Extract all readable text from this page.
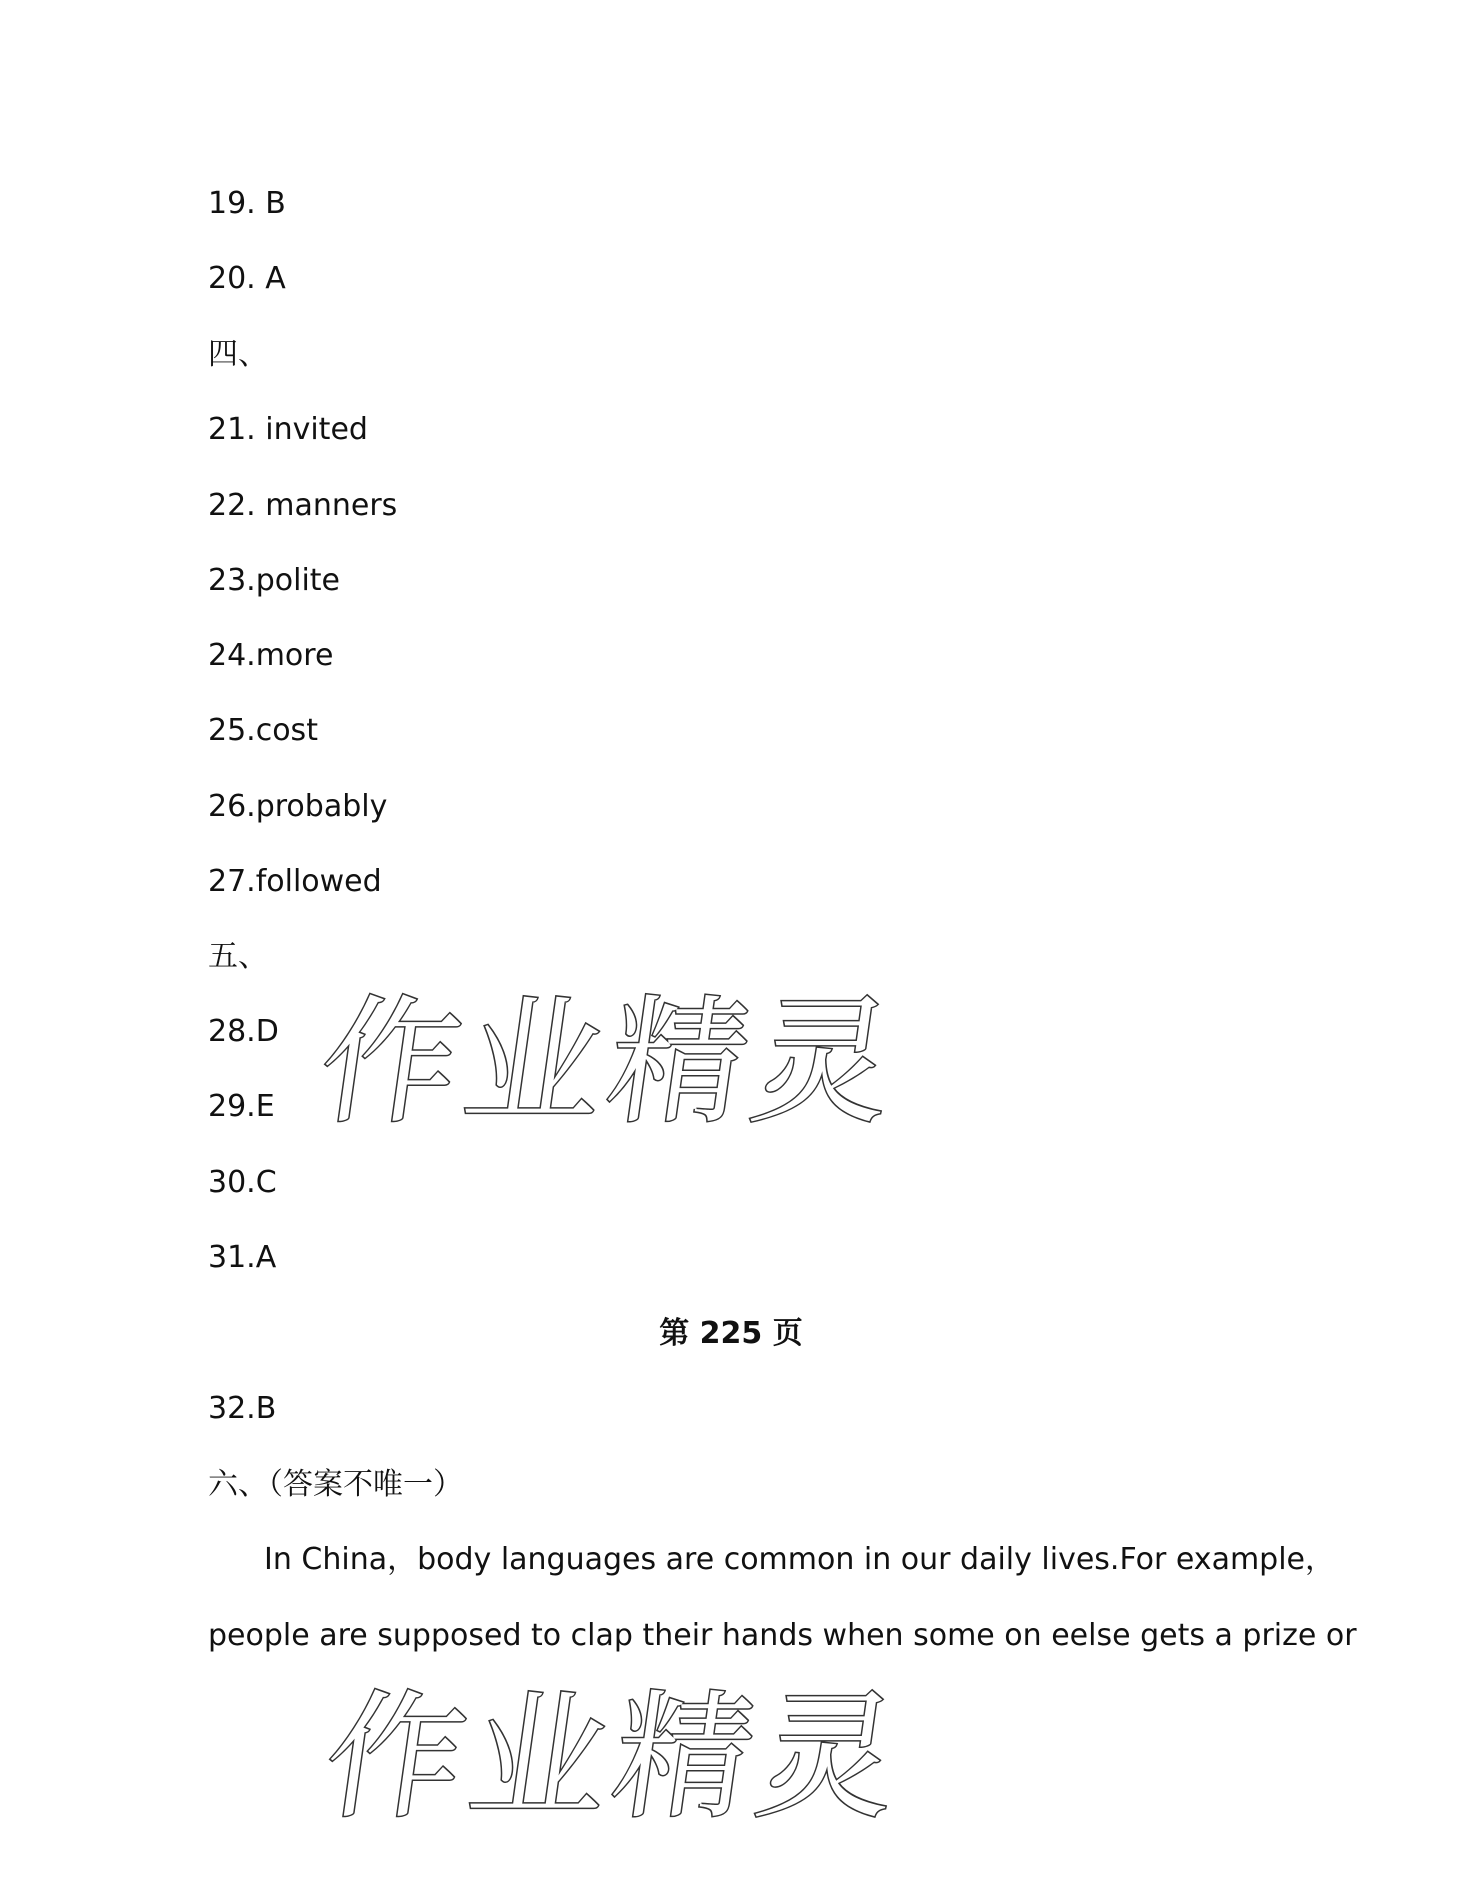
19. B
20. A
四、
21. invited
22. manners
23.polite
24.more
25.cost
26.probably
27.followed
五、
28.D
29.E
30.C
31.A
第 225 页
32.B
六、（答案不唯一）
In China，body languages are common in our daily lives.For example，
people are supposed to clap their hands when some on eelse gets a prize or
作业精灵
作业精灵
